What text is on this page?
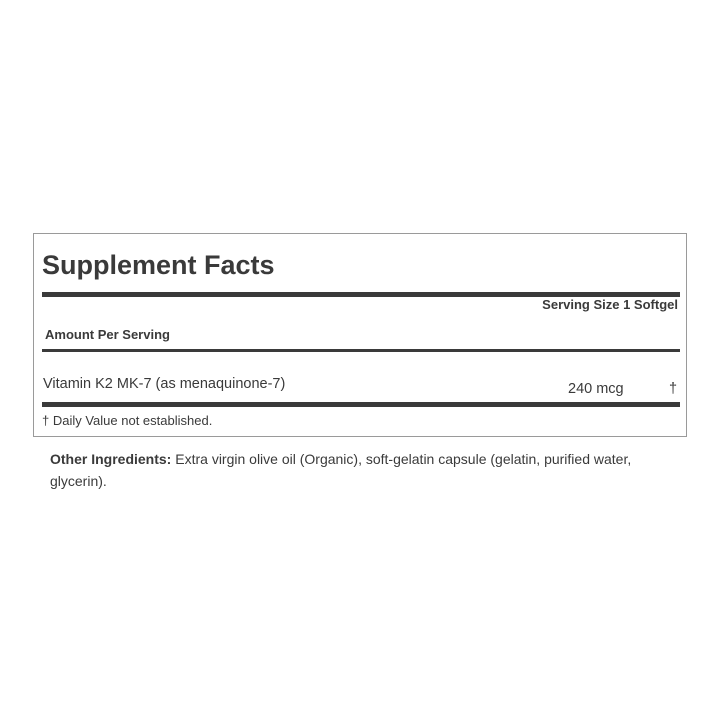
Supplement Facts
Serving Size 1 Softgel
Amount Per Serving
Vitamin K2 MK-7 (as menaquinone-7)	240 mcg	†
† Daily Value not established.
Other Ingredients: Extra virgin olive oil (Organic), soft-gelatin capsule (gelatin, purified water, glycerin).
